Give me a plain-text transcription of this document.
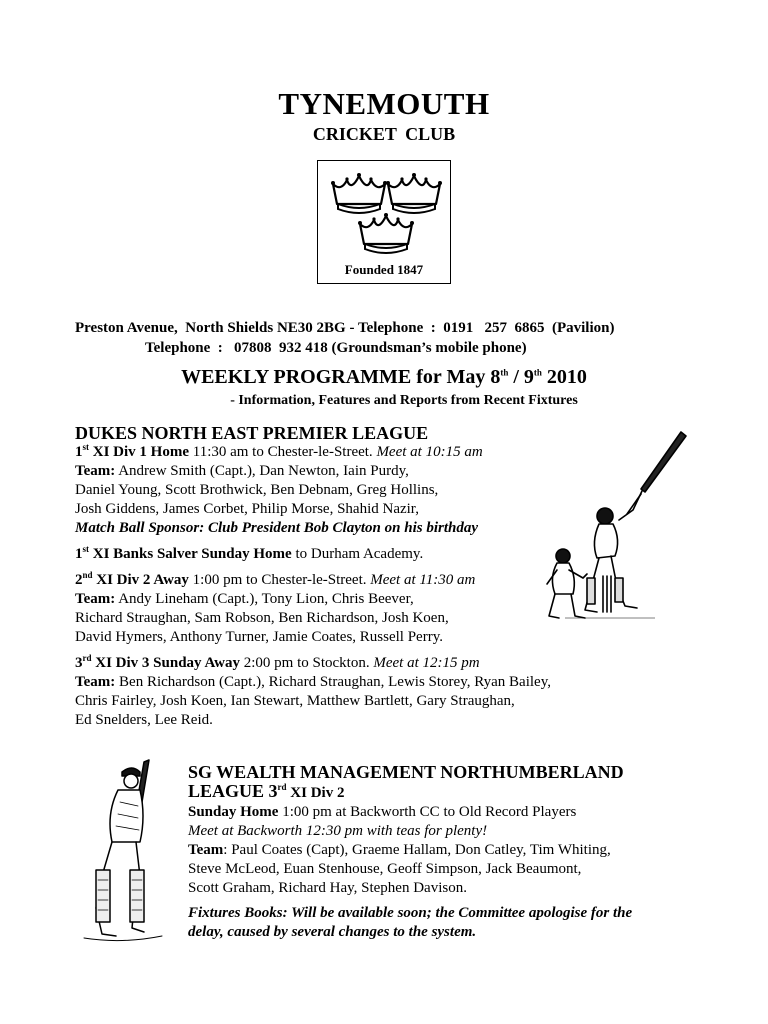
TYNEMOUTH
CRICKET CLUB
Founded 1847
Preston Avenue,  North Shields NE30 2BG - Telephone  :  0191   257  6865  (Pavilion)
Telephone  :   07808  932 418 (Groundsman’s mobile phone)
WEEKLY PROGRAMME for May 8th / 9th 2010
- Information, Features and Reports from Recent Fixtures

DUKES NORTH EAST PREMIER LEAGUE

1st XI Div 1 Home 11:30 am to Chester-le-Street. Meet at 10:15 am

Team: Andrew Smith (Capt.), Dan Newton, Iain Purdy,

Daniel Young, Scott Brothwick, Ben Debnam, Greg Hollins,

Josh Giddens, James Corbet, Philip Morse, Shahid Nazir,

Match Ball Sponsor: Club President Bob Clayton on his birthday

1st XI Banks Salver Sunday Home to Durham Academy.

2nd XI Div 2 Away 1:00 pm to Chester-le-Street. Meet at 11:30 am

Team: Andy Lineham (Capt.), Tony Lion, Chris Beever,

Richard Straughan, Sam Robson, Ben Richardson, Josh Koen,

David Hymers, Anthony Turner, Jamie Coates, Russell Perry.

3rd XI Div 3 Sunday Away 2:00 pm to Stockton. Meet at 12:15 pm

Team: Ben Richardson (Capt.), Richard Straughan, Lewis Storey, Ryan Bailey,

Chris Fairley, Josh Koen, Ian Stewart, Matthew Bartlett, Gary Straughan,

Ed Snelders, Lee Reid.

SG WEALTH MANAGEMENT NORTHUMBERLAND

LEAGUE 3rd XI Div 2

Sunday Home 1:00 pm at Backworth CC to Old Record Players

Meet at Backworth 12:30 pm with teas for plenty!

Team: Paul Coates (Capt), Graeme Hallam, Don Catley, Tim Whiting,

Steve McLeod, Euan Stenhouse, Geoff Simpson, Jack Beaumont,

Scott Graham, Richard Hay, Stephen Davison.

Fixtures Books: Will be available soon; the Committee apologise for the

delay, caused by several changes to the system.
